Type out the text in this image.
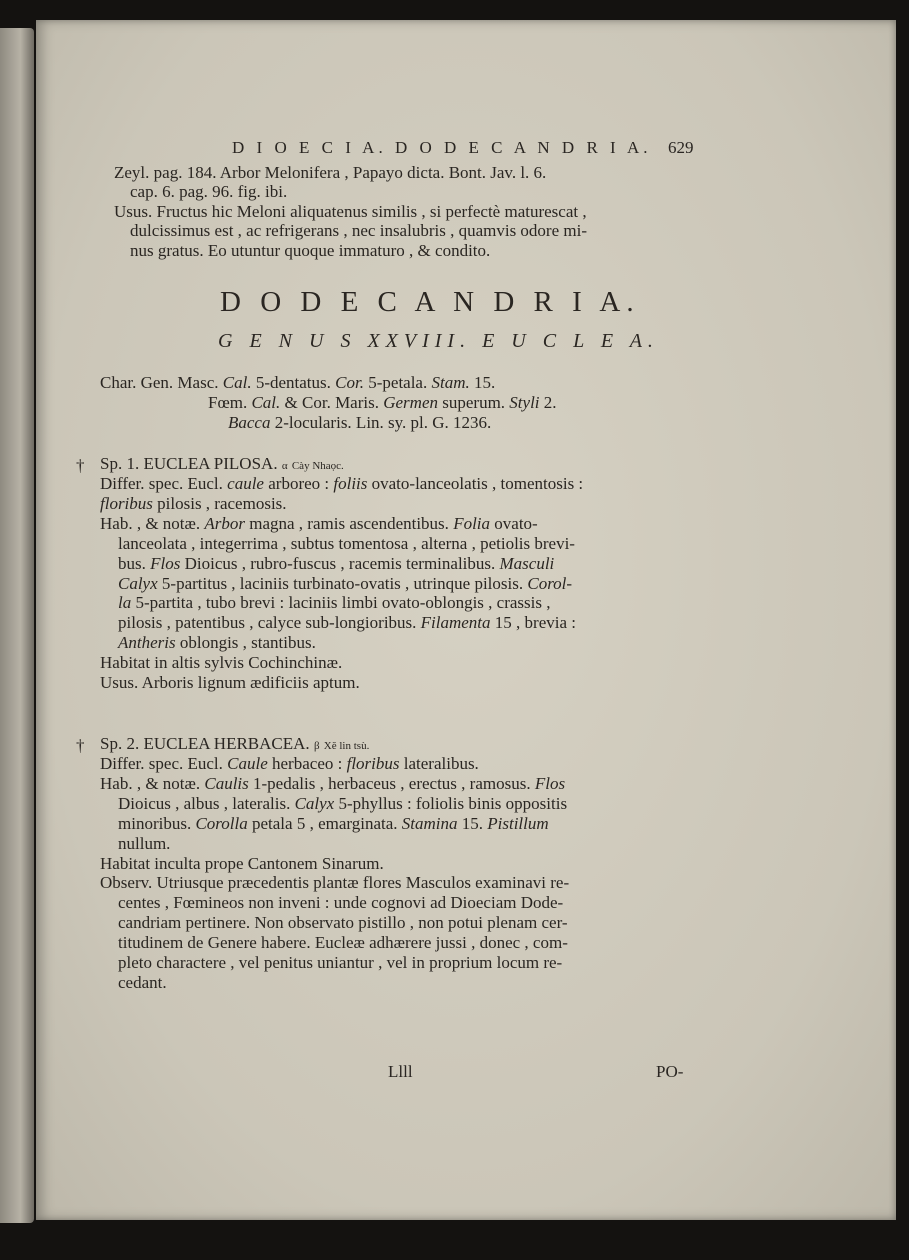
D I O E C I A. D O D E C A N D R I A. 629
Zeyl. pag. 184. Arbor Melonifera , Papayo dicta. Bont. Jav. l. 6.
cap. 6. pag. 96. fig. ibi.
Usus. Fructus hic Meloni aliquatenus similis , si perfectè maturescat ,
dulcissimus est , ac refrigerans , nec insalubris , quamvis odore mi-
nus gratus. Eo utuntur quoque immaturo , & condito.
D O D E C A N D R I A.
G E N U S XXVIII. E U C L E A.
Char. Gen. Masc. Cal. 5-dentatus. Cor. 5-petala. Stam. 15.
Fœm. Cal. & Cor. Maris. Germen superum. Styli 2.
Bacca 2-locularis. Lin. sy. pl. G. 1236.
† Sp. 1. EUCLEA PILOSA. α Cày Nhaọc.
Differ. spec. Eucl. caule arboreo : foliis ovato-lanceolatis , tomentosis :
floribus pilosis , racemosis.
Hab. , & notæ. Arbor magna , ramis ascendentibus. Folia ovato-
lanceolata , integerrima , subtus tomentosa , alterna , petiolis brevi-
bus. Flos Dioicus , rubro-fuscus , racemis terminalibus. Masculi
Calyx 5-partitus , laciniis turbinato-ovatis , utrinque pilosis. Corol-
la 5-partita , tubo brevi : laciniis limbi ovato-oblongis , crassis ,
pilosis , patentibus , calyce sub-longioribus. Filamenta 15 , brevia :
Antheris oblongis , stantibus.
Habitat in altis sylvis Cochinchinæ.
Usus. Arboris lignum ædificiis aptum.
† Sp. 2. EUCLEA HERBACEA. β Xĕ lin tsù.
Differ. spec. Eucl. Caule herbaceo : floribus lateralibus.
Hab. , & notæ. Caulis 1-pedalis , herbaceus , erectus , ramosus. Flos
Dioicus , albus , lateralis. Calyx 5-phyllus : foliolis binis oppositis
minoribus. Corolla petala 5 , emarginata. Stamina 15. Pistillum
nullum.
Habitat inculta prope Cantonem Sinarum.
Observ. Utriusque præcedentis plantæ flores Masculos examinavi re-
centes , Fœmineos non inveni : unde cognovi ad Dioeciam Dode-
candriam pertinere. Non observato pistillo , non potui plenam cer-
titudinem de Genere habere. Eucleæ adhærere jussi , donec , com-
pleto charactere , vel penitus uniantur , vel in proprium locum re-
cedant.
Llll	PO-
